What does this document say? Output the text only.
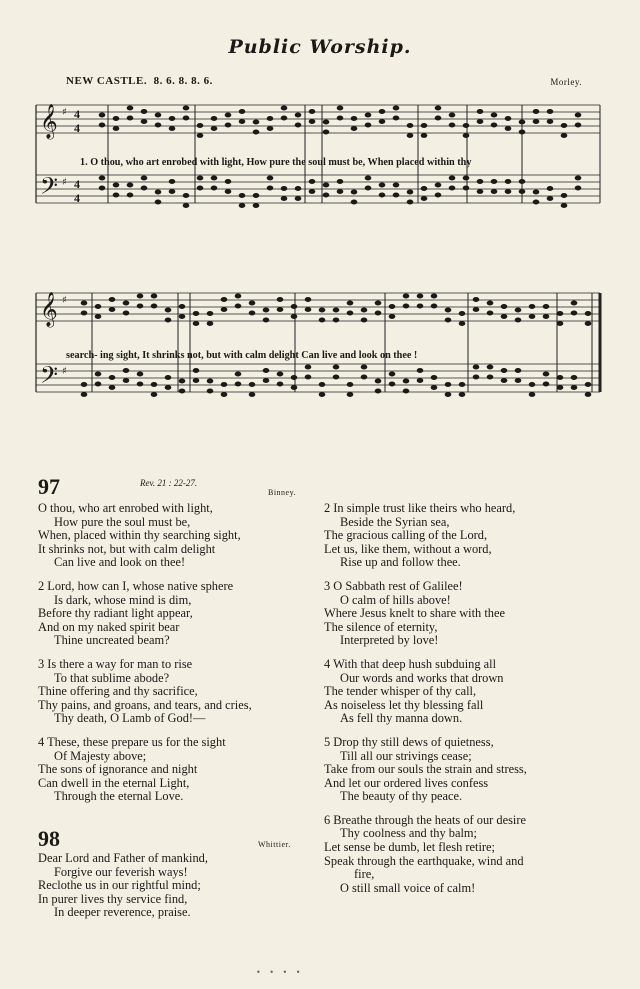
Public Worship.
NEW CASTLE. 8. 6. 8. 8. 6.	Morley.
𝄞
𝄢
♯
♯
4
4
4
4
𝄞
𝄢
♯
♯
1. O thou, who art enrobed with light, How pure the soul must be, When placed within thy
search- ing sight, It shrinks not, but with calm delight Can live and look on thee !
97	Rev. 21 : 22-27.
Binney.
O thou, who art enrobed with light,
How pure the soul must be,
When, placed within thy searching sight,
It shrinks not, but with calm delight
Can live and look on thee!
2 Lord, how can I, whose native sphere
Is dark, whose mind is dim,
Before thy radiant light appear,
And on my naked spirit bear
Thine uncreated beam?
3 Is there a way for man to rise
To that sublime abode?
Thine offering and thy sacrifice,
Thy pains, and groans, and tears, and cries,
Thy death, O Lamb of God!—
4 These, these prepare us for the sight
Of Majesty above;
The sons of ignorance and night
Can dwell in the eternal Light,
Through the eternal Love.
98	Whittier.
Dear Lord and Father of mankind,
Forgive our feverish ways!
Reclothe us in our rightful mind;
In purer lives thy service find,
In deeper reverence, praise.
2 In simple trust like theirs who heard,
Beside the Syrian sea,
The gracious calling of the Lord,
Let us, like them, without a word,
Rise up and follow thee.
3 O Sabbath rest of Galilee!
O calm of hills above!
Where Jesus knelt to share with thee
The silence of eternity,
Interpreted by love!
4 With that deep hush subduing all
Our words and works that drown
The tender whisper of thy call,
As noiseless let thy blessing fall
As fell thy manna down.
5 Drop thy still dews of quietness,
Till all our strivings cease;
Take from our souls the strain and stress,
And let our ordered lives confess
The beauty of thy peace.
6 Breathe through the heats of our desire
Thy coolness and thy balm;
Let sense be dumb, let flesh retire;
Speak through the earthquake, wind and
fire,
O still small voice of calm!
• • • •
